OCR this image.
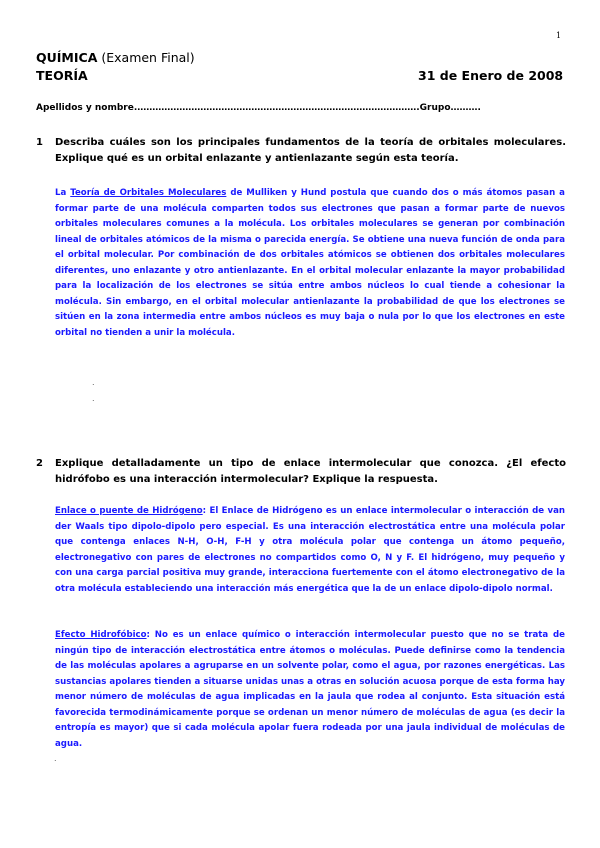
1
QUÍMICA (Examen Final)
TEORÍA	31 de Enero de 2008
Apellidos y nombre.………………………………………………………………………………….Grupo……….
1 Describa cuáles son los principales fundamentos de la teoría de orbitales moleculares. Explique qué es un orbital enlazante y antienlazante según esta teoría.
La Teoría de Orbitales Moleculares de Mulliken y Hund postula que cuando dos o más átomos pasan a formar parte de una molécula comparten todos sus electrones que pasan a formar parte de nuevos orbitales moleculares comunes a la molécula. Los orbitales moleculares se generan por combinación lineal de orbitales atómicos de la misma o parecida energía. Se obtiene una nueva función de onda para el orbital molecular. Por combinación de dos orbitales atómicos se obtienen dos orbitales moleculares diferentes, uno enlazante y otro antienlazante. En el orbital molecular enlazante la mayor probabilidad para la localización de los electrones se sitúa entre ambos núcleos lo cual tiende a cohesionar la molécula. Sin embargo, en el orbital molecular antienlazante la probabilidad de que los electrones se sitúen en la zona intermedia entre ambos núcleos es muy baja o nula por lo que los electrones en este orbital no tienden a unir la molécula.
.
.
2 Explique detalladamente un tipo de enlace intermolecular que conozca. ¿El efecto hidrófobo es una interacción intermolecular? Explique la respuesta.
Enlace o puente de Hidrógeno: El Enlace de Hidrógeno es un enlace intermolecular o interacción de van der Waals tipo dipolo-dipolo pero especial. Es una interacción electrostática entre una molécula polar que contenga enlaces N-H, O-H, F-H y otra molécula polar que contenga un átomo pequeño, electronegativo con pares de electrones no compartidos como O, N y F. El hidrógeno, muy pequeño y con una carga parcial positiva muy grande, interacciona fuertemente con el átomo electronegativo de la otra molécula estableciendo una interacción más energética que la de un enlace dipolo-dipolo normal.
Efecto Hidrofóbico: No es un enlace químico o interacción intermolecular puesto que no se trata de ningún tipo de interacción electrostática entre átomos o moléculas. Puede definirse como la tendencia de las moléculas apolares a agruparse en un solvente polar, como el agua, por razones energéticas. Las sustancias apolares tienden a situarse unidas unas a otras en solución acuosa porque de esta forma hay menor número de moléculas de agua implicadas en la jaula que rodea al conjunto. Esta situación está favorecida termodinámicamente porque se ordenan un menor número de moléculas de agua (es decir la entropía es mayor) que si cada molécula apolar fuera rodeada por una jaula individual de moléculas de agua.
.
